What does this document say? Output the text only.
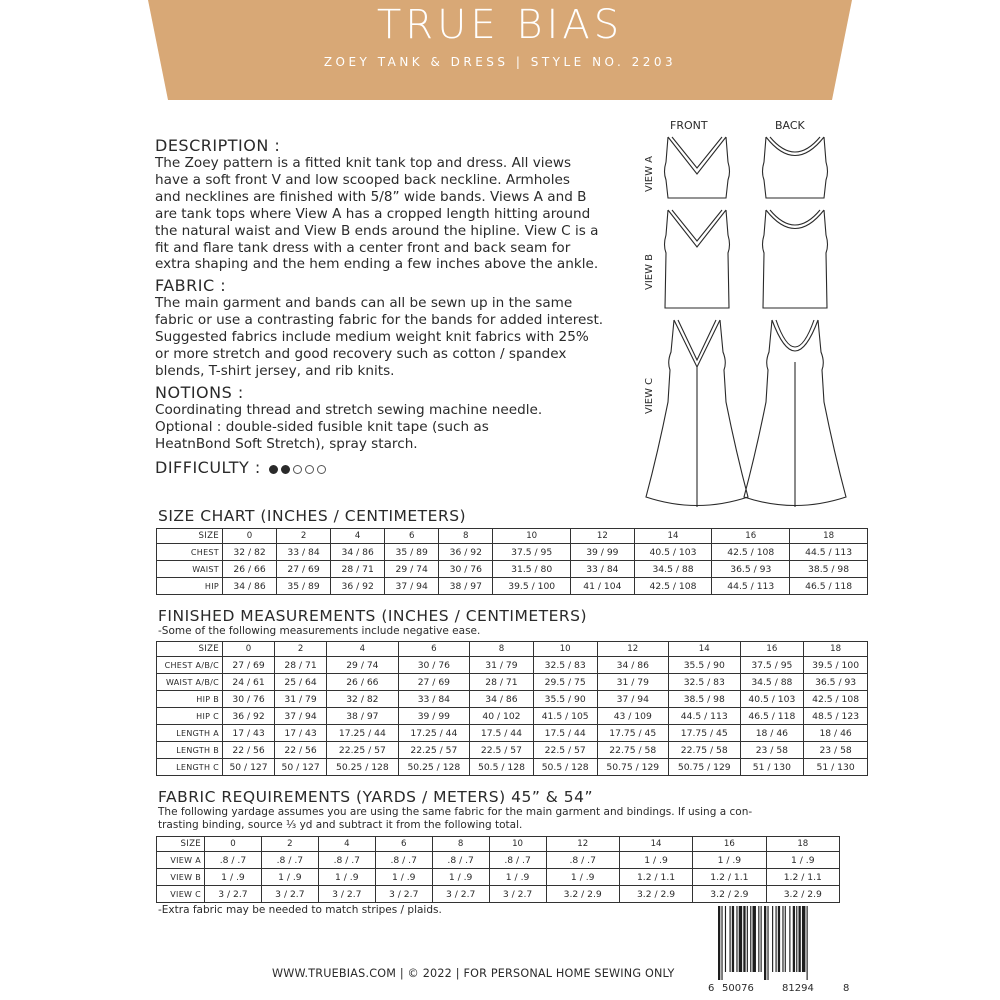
TRUE BIAS
ZOEY TANK & DRESS | STYLE NO. 2203
DESCRIPTION :
The Zoey pattern is a fitted knit tank top and dress. All views
have a soft front V and low scooped back neckline. Armholes
and necklines are finished with 5/8” wide bands. Views A and B
are tank tops where View A has a cropped length hitting around
the natural waist and View B ends around the hipline. View C is a
fit and flare tank dress with a center front and back seam for
extra shaping and the hem ending a few inches above the ankle.
FABRIC :
The main garment and bands can all be sewn up in the same
fabric or use a contrasting fabric for the bands for added interest.
Suggested fabrics include medium weight knit fabrics with 25%
or more stretch and good recovery such as cotton / spandex
blends, T-shirt jersey, and rib knits.
NOTIONS :
Coordinating thread and stretch sewing machine needle.
Optional : double-sided fusible knit tape (such as
HeatnBond Soft Stretch), spray starch.
DIFFICULTY :
FRONT	BACK
VIEW A
VIEW B
VIEW C
SIZE CHART (INCHES / CENTIMETERS)
SIZE	0	2	4	6	8	10	12	14	16	18
CHEST	32 / 82	33 / 84	34 / 86	35 / 89	36 / 92	37.5 / 95	39 / 99	40.5 / 103	42.5 / 108	44.5 / 113
WAIST	26 / 66	27 / 69	28 / 71	29 / 74	30 / 76	31.5 / 80	33 / 84	34.5 / 88	36.5 / 93	38.5 / 98
HIP	34 / 86	35 / 89	36 / 92	37 / 94	38 / 97	39.5 / 100	41 / 104	42.5 / 108	44.5 / 113	46.5 / 118
FINISHED MEASUREMENTS (INCHES / CENTIMETERS)
-Some of the following measurements include negative ease.
SIZE	0	2	4	6	8	10	12	14	16	18
CHEST A/B/C	27 / 69	28 / 71	29 / 74	30 / 76	31 / 79	32.5 / 83	34 / 86	35.5 / 90	37.5 / 95	39.5 / 100
WAIST A/B/C	24 / 61	25 / 64	26 / 66	27 / 69	28 / 71	29.5 / 75	31 / 79	32.5 / 83	34.5 / 88	36.5 / 93
HIP B	30 / 76	31 / 79	32 / 82	33 / 84	34 / 86	35.5 / 90	37 / 94	38.5 / 98	40.5 / 103	42.5 / 108
HIP C	36 / 92	37 / 94	38 / 97	39 / 99	40 / 102	41.5 / 105	43 / 109	44.5 / 113	46.5 / 118	48.5 / 123
LENGTH A	17 / 43	17 / 43	17.25 / 44	17.25 / 44	17.5 / 44	17.5 / 44	17.75 / 45	17.75 / 45	18 / 46	18 / 46
LENGTH B	22 / 56	22 / 56	22.25 / 57	22.25 / 57	22.5 / 57	22.5 / 57	22.75 / 58	22.75 / 58	23 / 58	23 / 58
LENGTH C	50 / 127	50 / 127	50.25 / 128	50.25 / 128	50.5 / 128	50.5 / 128	50.75 / 129	50.75 / 129	51 / 130	51 / 130
FABRIC REQUIREMENTS (YARDS / METERS) 45” & 54”
The following yardage assumes you are using the same fabric for the main garment and bindings. If using a con-
trasting binding, source ⅓ yd and subtract it from the following total.
SIZE	0	2	4	6	8	10	12	14	16	18
VIEW A	.8 / .7	.8 / .7	.8 / .7	.8 / .7	.8 / .7	.8 / .7	.8 / .7	1 / .9	1 / .9	1 / .9
VIEW B	1 / .9	1 / .9	1 / .9	1 / .9	1 / .9	1 / .9	1 / .9	1.2 / 1.1	1.2 / 1.1	1.2 / 1.1
VIEW C	3 / 2.7	3 / 2.7	3 / 2.7	3 / 2.7	3 / 2.7	3 / 2.7	3.2 / 2.9	3.2 / 2.9	3.2 / 2.9	3.2 / 2.9
-Extra fabric may be needed to match stripes / plaids.
WWW.TRUEBIAS.COM | © 2022 | FOR PERSONAL HOME SEWING ONLY
6 50076	81294	8
